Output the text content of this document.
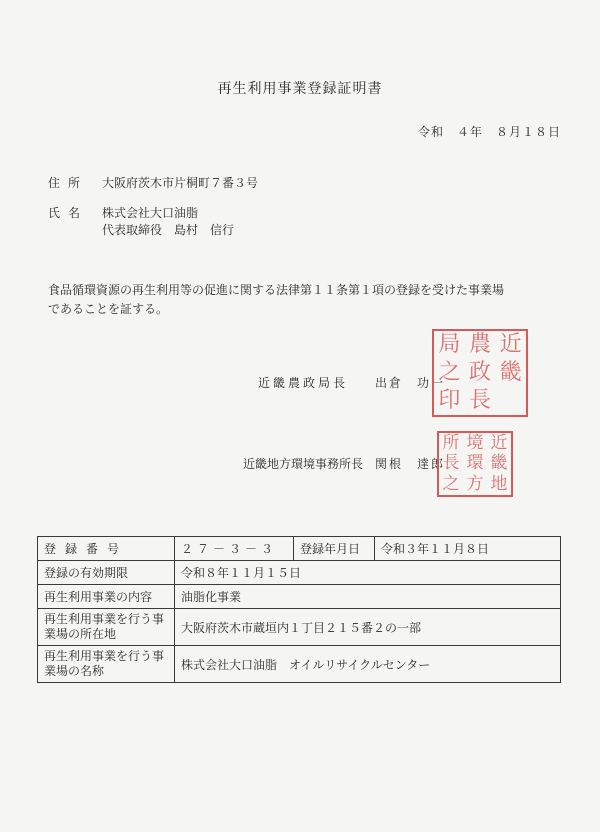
再生利用事業登録証明書
令和　４年　８月１８日
住所 大阪府茨木市片桐町７番３号
氏名 株式会社大口油脂
代表取締役　島村　信行
食品循環資源の再生利用等の促進に関する法律第１１条第１項の登録を受けた事業場
であることを証する。
近畿農政局長 出倉　功一
近畿地方環境事務所長 関根　達郎
局 農 近
之 政 畿
印 長
所 境 近
長 環 畿
之 方 地
登録番号	２７－３－３	登録年月日	令和３年１１月８日
登録の有効期限	令和８年１１月１５日		
再生利用事業の内容	油脂化事業		
再生利用事業を行う事業場の所在地	大阪府茨木市蔵垣内１丁目２１５番２の一部		
再生利用事業を行う事業場の名称	株式会社大口油脂　オイルリサイクルセンター		
